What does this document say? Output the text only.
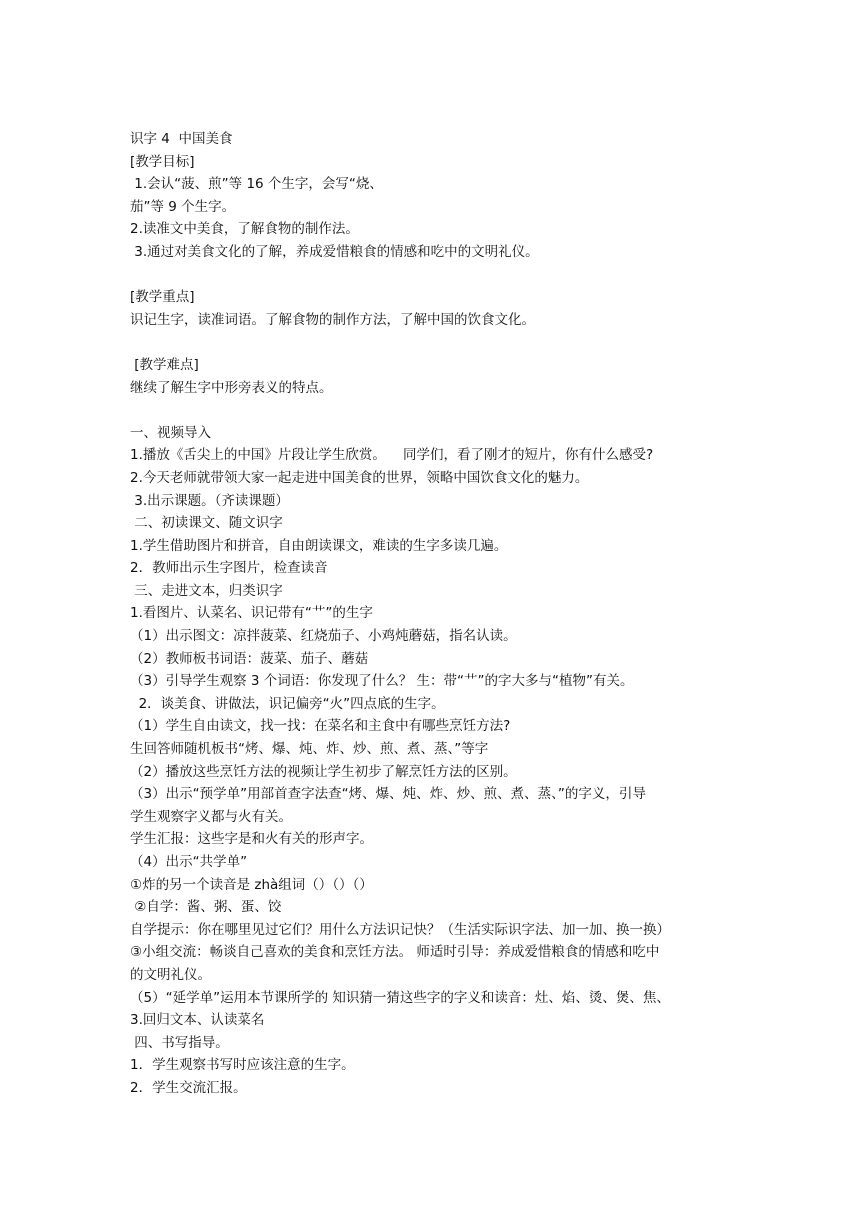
识字 4  中国美食
[教学目标]
1.会认“菠、煎”等 16 个生字，会写“烧、
茄”等 9 个生字。
2.读准文中美食，了解食物的制作法。
3.通过对美食文化的了解，养成爱惜粮食的情感和吃中的文明礼仪。
[教学重点]
识记生字，读准词语。了解食物的制作方法，了解中国的饮食文化。
[教学难点]
继续了解生字中形旁表义的特点。
一、视频导入
1.播放《舌尖上的中国》片段让学生欣赏。    同学们，看了刚才的短片，你有什么感受?
2.今天老师就带领大家一起走进中国美食的世界，领略中国饮食文化的魅力。
3.出示课题。（齐读课题）
二、初读课文、随文识字
1.学生借助图片和拼音，自由朗读课文，难读的生字多读几遍。
2．教师出示生字图片，检查读音
三、走进文本，归类识字
1.看图片、认菜名、识记带有“艹”的生字
（1）出示图文：凉拌菠菜、红烧茄子、小鸡炖蘑菇，指名认读。
（2）教师板书词语：菠菜、茄子、蘑菇
（3）引导学生观察 3 个词语：你发现了什么？ 生：带“艹”的字大多与“植物”有关。
2．谈美食、讲做法，识记偏旁“火”四点底的生字。
（1）学生自由读文，找一找：在菜名和主食中有哪些烹饪方法?
生回答师随机板书“烤、爆、炖、炸、炒、煎、煮、蒸、”等字
（2）播放这些烹饪方法的视频让学生初步了解烹饪方法的区别。
（3）出示“预学单”用部首查字法查“烤、爆、炖、炸、炒、煎、煮、蒸、”的字义，引导
学生观察字义都与火有关。
学生汇报：这些字是和火有关的形声字。
（4）出示“共学单”
①炸的另一个读音是 zhà组词（）（）（）
②自学：酱、粥、蛋、饺
自学提示：你在哪里见过它们？用什么方法识记快？（生活实际识字法、加一加、换一换）
③小组交流：畅谈自己喜欢的美食和烹饪方法。 师适时引导：养成爱惜粮食的情感和吃中
的文明礼仪。
（5）“延学单”运用本节课所学的 知识猜一猜这些字的字义和读音：灶、焰、烫、煲、焦、
3.回归文本、认读菜名
四、书写指导。
1．学生观察书写时应该注意的生字。
2．学生交流汇报。
